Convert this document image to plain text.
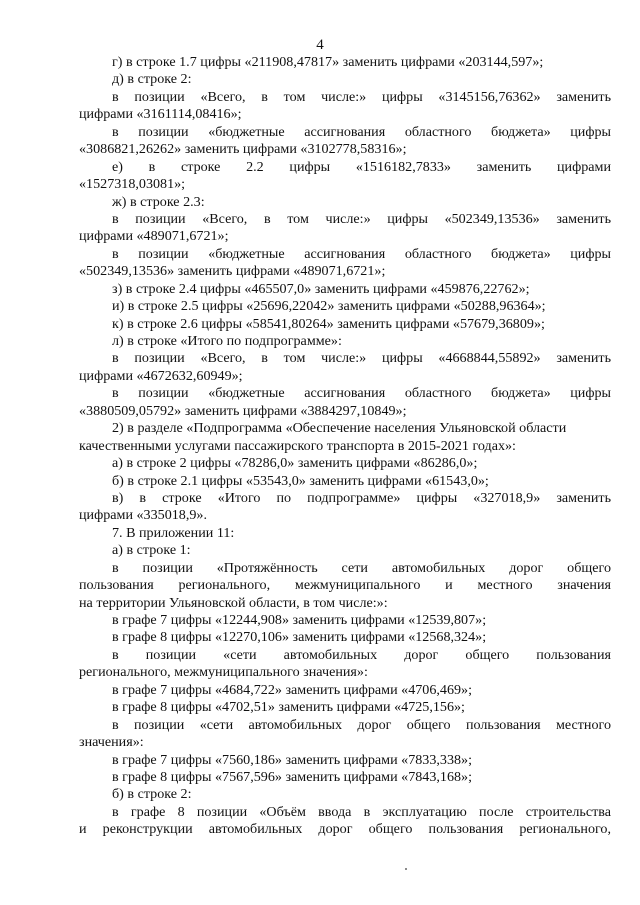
4
г) в строке 1.7 цифры «211908,47817» заменить цифрами «203144,597»;
д) в строке 2:
в позиции «Всего, в том числе:» цифры «3145156,76362» заменить
цифрами «3161114,08416»;
в позиции «бюджетные ассигнования областного бюджета» цифры
«3086821,26262» заменить цифрами «3102778,58316»;
е) в строке 2.2 цифры «1516182,7833» заменить цифрами
«1527318,03081»;
ж) в строке 2.3:
в позиции «Всего, в том числе:» цифры «502349,13536» заменить
цифрами «489071,6721»;
в позиции «бюджетные ассигнования областного бюджета» цифры
«502349,13536» заменить цифрами «489071,6721»;
з) в строке 2.4 цифры «465507,0» заменить цифрами «459876,22762»;
и) в строке 2.5 цифры «25696,22042» заменить цифрами «50288,96364»;
к) в строке 2.6 цифры «58541,80264» заменить цифрами «57679,36809»;
л) в строке «Итого по подпрограмме»:
в позиции «Всего, в том числе:» цифры «4668844,55892» заменить
цифрами «4672632,60949»;
в позиции «бюджетные ассигнования областного бюджета» цифры
«3880509,05792» заменить цифрами «3884297,10849»;
2) в разделе «Подпрограмма «Обеспечение населения Ульяновской области
качественными услугами пассажирского транспорта в 2015-2021 годах»:
а) в строке 2 цифры «78286,0» заменить цифрами «86286,0»;
б) в строке 2.1 цифры «53543,0» заменить цифрами «61543,0»;
в) в строке «Итого по подпрограмме» цифры «327018,9» заменить
цифрами «335018,9».
7. В приложении 11:
а) в строке 1:
в позиции «Протяжённость сети автомобильных дорог общего
пользования регионального, межмуниципального и местного значения
на территории Ульяновской области, в том числе:»:
в графе 7 цифры «12244,908» заменить цифрами «12539,807»;
в графе 8 цифры «12270,106» заменить цифрами «12568,324»;
в позиции «сети автомобильных дорог общего пользования
регионального, межмуниципального значения»:
в графе 7 цифры «4684,722» заменить цифрами «4706,469»;
в графе 8 цифры «4702,51» заменить цифрами «4725,156»;
в позиции «сети автомобильных дорог общего пользования местного
значения»:
в графе 7 цифры «7560,186» заменить цифрами «7833,338»;
в графе 8 цифры «7567,596» заменить цифрами «7843,168»;
б) в строке 2:
в графе 8 позиции «Объём ввода в эксплуатацию после строительства
и реконструкции автомобильных дорог общего пользования регионального,
